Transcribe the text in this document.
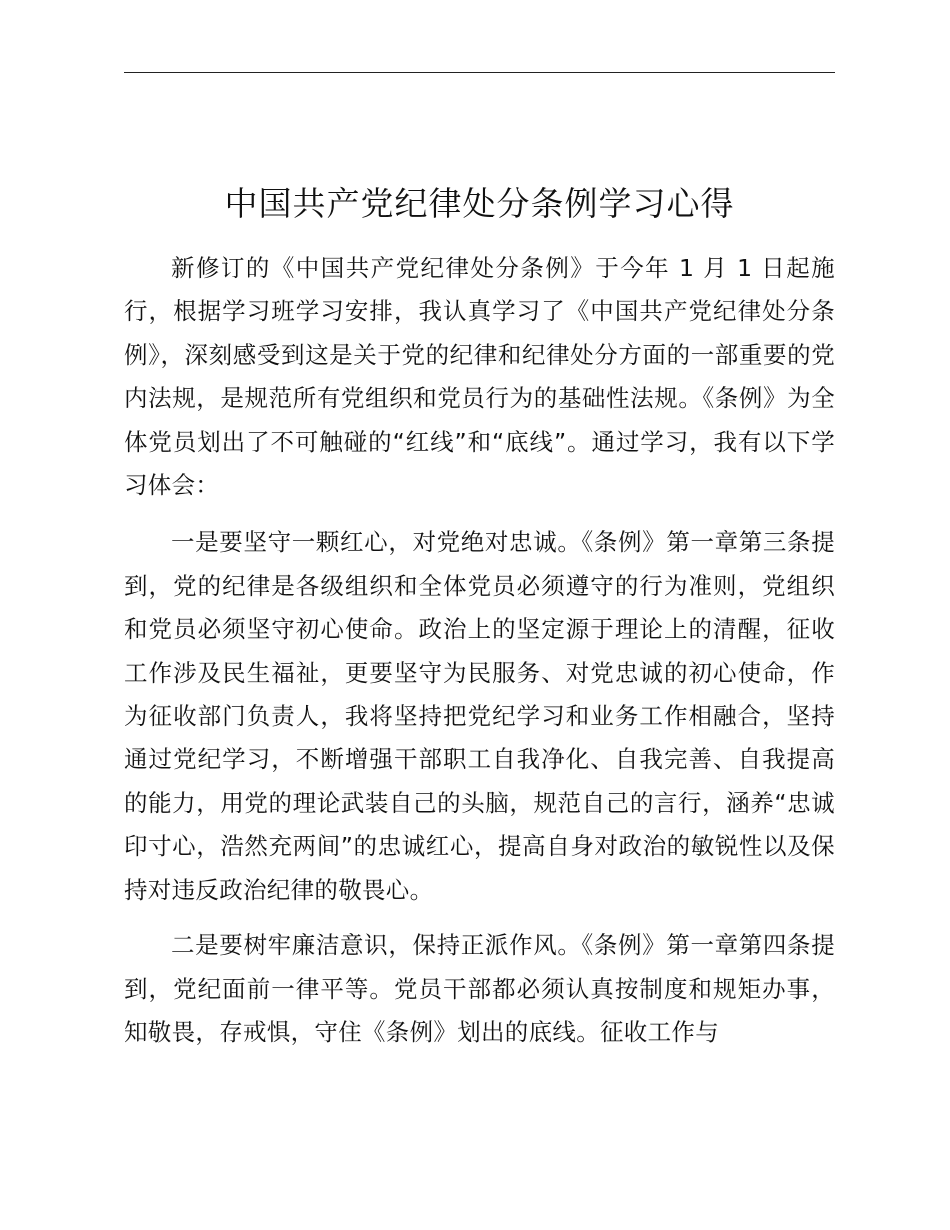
中国共产党纪律处分条例学习心得

新修订的《中国共产党纪律处分条例》于今年 1 月 1 日起施行，根据学习班学习安排，我认真学习了《中国共产党纪律处分条例》，深刻感受到这是关于党的纪律和纪律处分方面的一部重要的党内法规，是规范所有党组织和党员行为的基础性法规。《条例》为全体党员划出了不可触碰的“红线”和“底线”。通过学习，我有以下学习体会：

一是要坚守一颗红心，对党绝对忠诚。《条例》第一章第三条提到，党的纪律是各级组织和全体党员必须遵守的行为准则，党组织和党员必须坚守初心使命。政治上的坚定源于理论上的清醒，征收工作涉及民生福祉，更要坚守为民服务、对党忠诚的初心使命，作为征收部门负责人，我将坚持把党纪学习和业务工作相融合，坚持通过党纪学习，不断增强干部职工自我净化、自我完善、自我提高的能力，用党的理论武装自己的头脑，规范自己的言行，涵养“忠诚印寸心，浩然充两间”的忠诚红心，提高自身对政治的敏锐性以及保持对违反政治纪律的敬畏心。

二是要树牢廉洁意识，保持正派作风。《条例》第一章第四条提到，党纪面前一律平等。党员干部都必须认真按制度和规矩办事，知敬畏，存戒惧，守住《条例》划出的底线。征收工作与
